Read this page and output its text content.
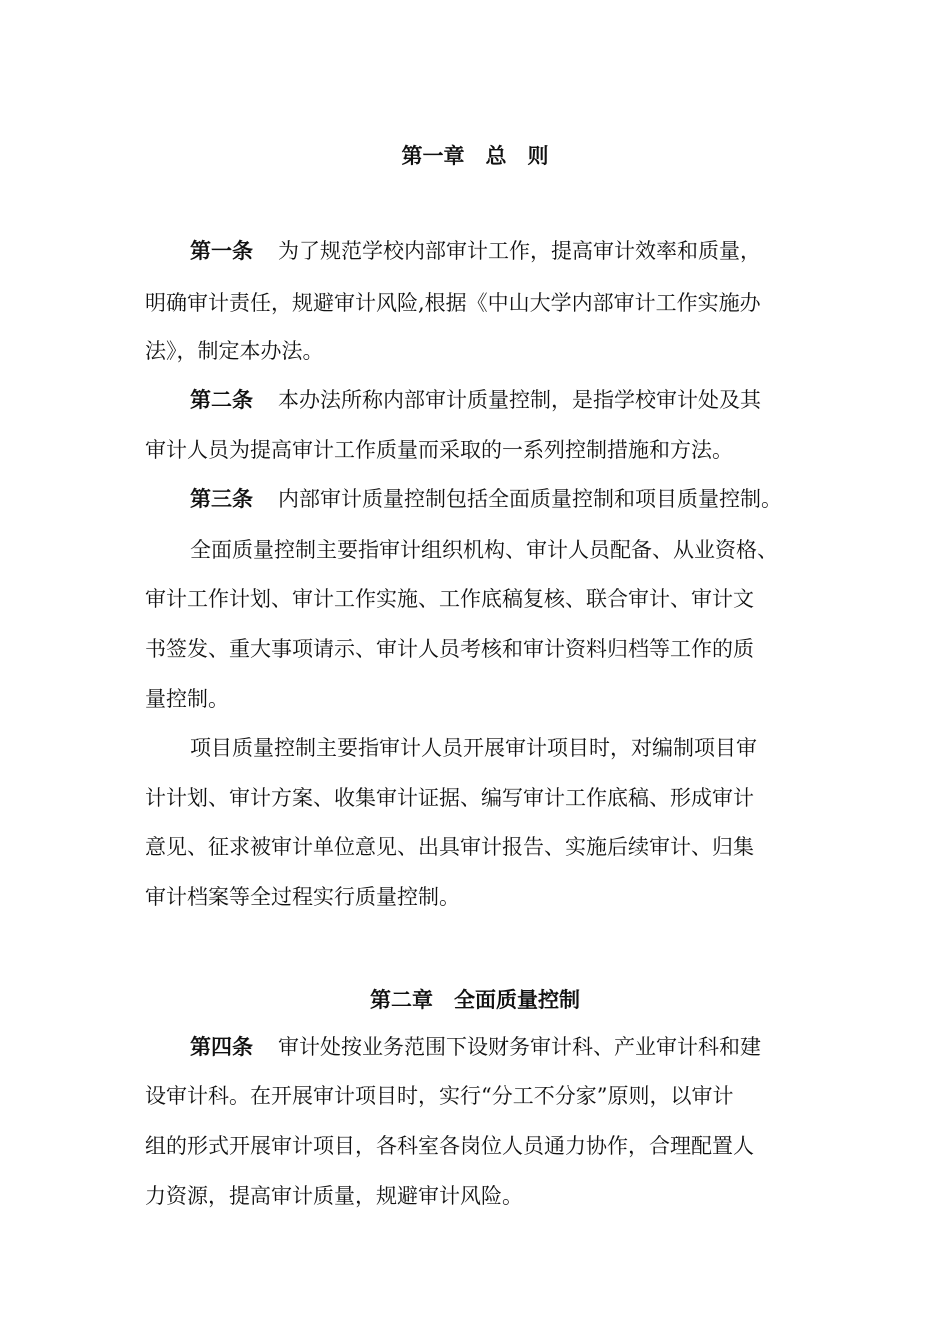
第一章　总　则
第一条 为了规范学校内部审计工作，提高审计效率和质量，
明确审计责任，规避审计风险,根据《中山大学内部审计工作实施办
法》，制定本办法。
第二条 本办法所称内部审计质量控制，是指学校审计处及其
审计人员为提高审计工作质量而采取的一系列控制措施和方法。
第三条 内部审计质量控制包括全面质量控制和项目质量控制。
全面质量控制主要指审计组织机构、审计人员配备、从业资格、
审计工作计划、审计工作实施、工作底稿复核、联合审计、审计文
书签发、重大事项请示、审计人员考核和审计资料归档等工作的质
量控制。
项目质量控制主要指审计人员开展审计项目时，对编制项目审
计计划、审计方案、收集审计证据、编写审计工作底稿、形成审计
意见、征求被审计单位意见、出具审计报告、实施后续审计、归集
审计档案等全过程实行质量控制。
第二章　全面质量控制
第四条 审计处按业务范围下设财务审计科、产业审计科和建
设审计科。在开展审计项目时，实行“分工不分家”原则，以审计
组的形式开展审计项目，各科室各岗位人员通力协作，合理配置人
力资源，提高审计质量，规避审计风险。
